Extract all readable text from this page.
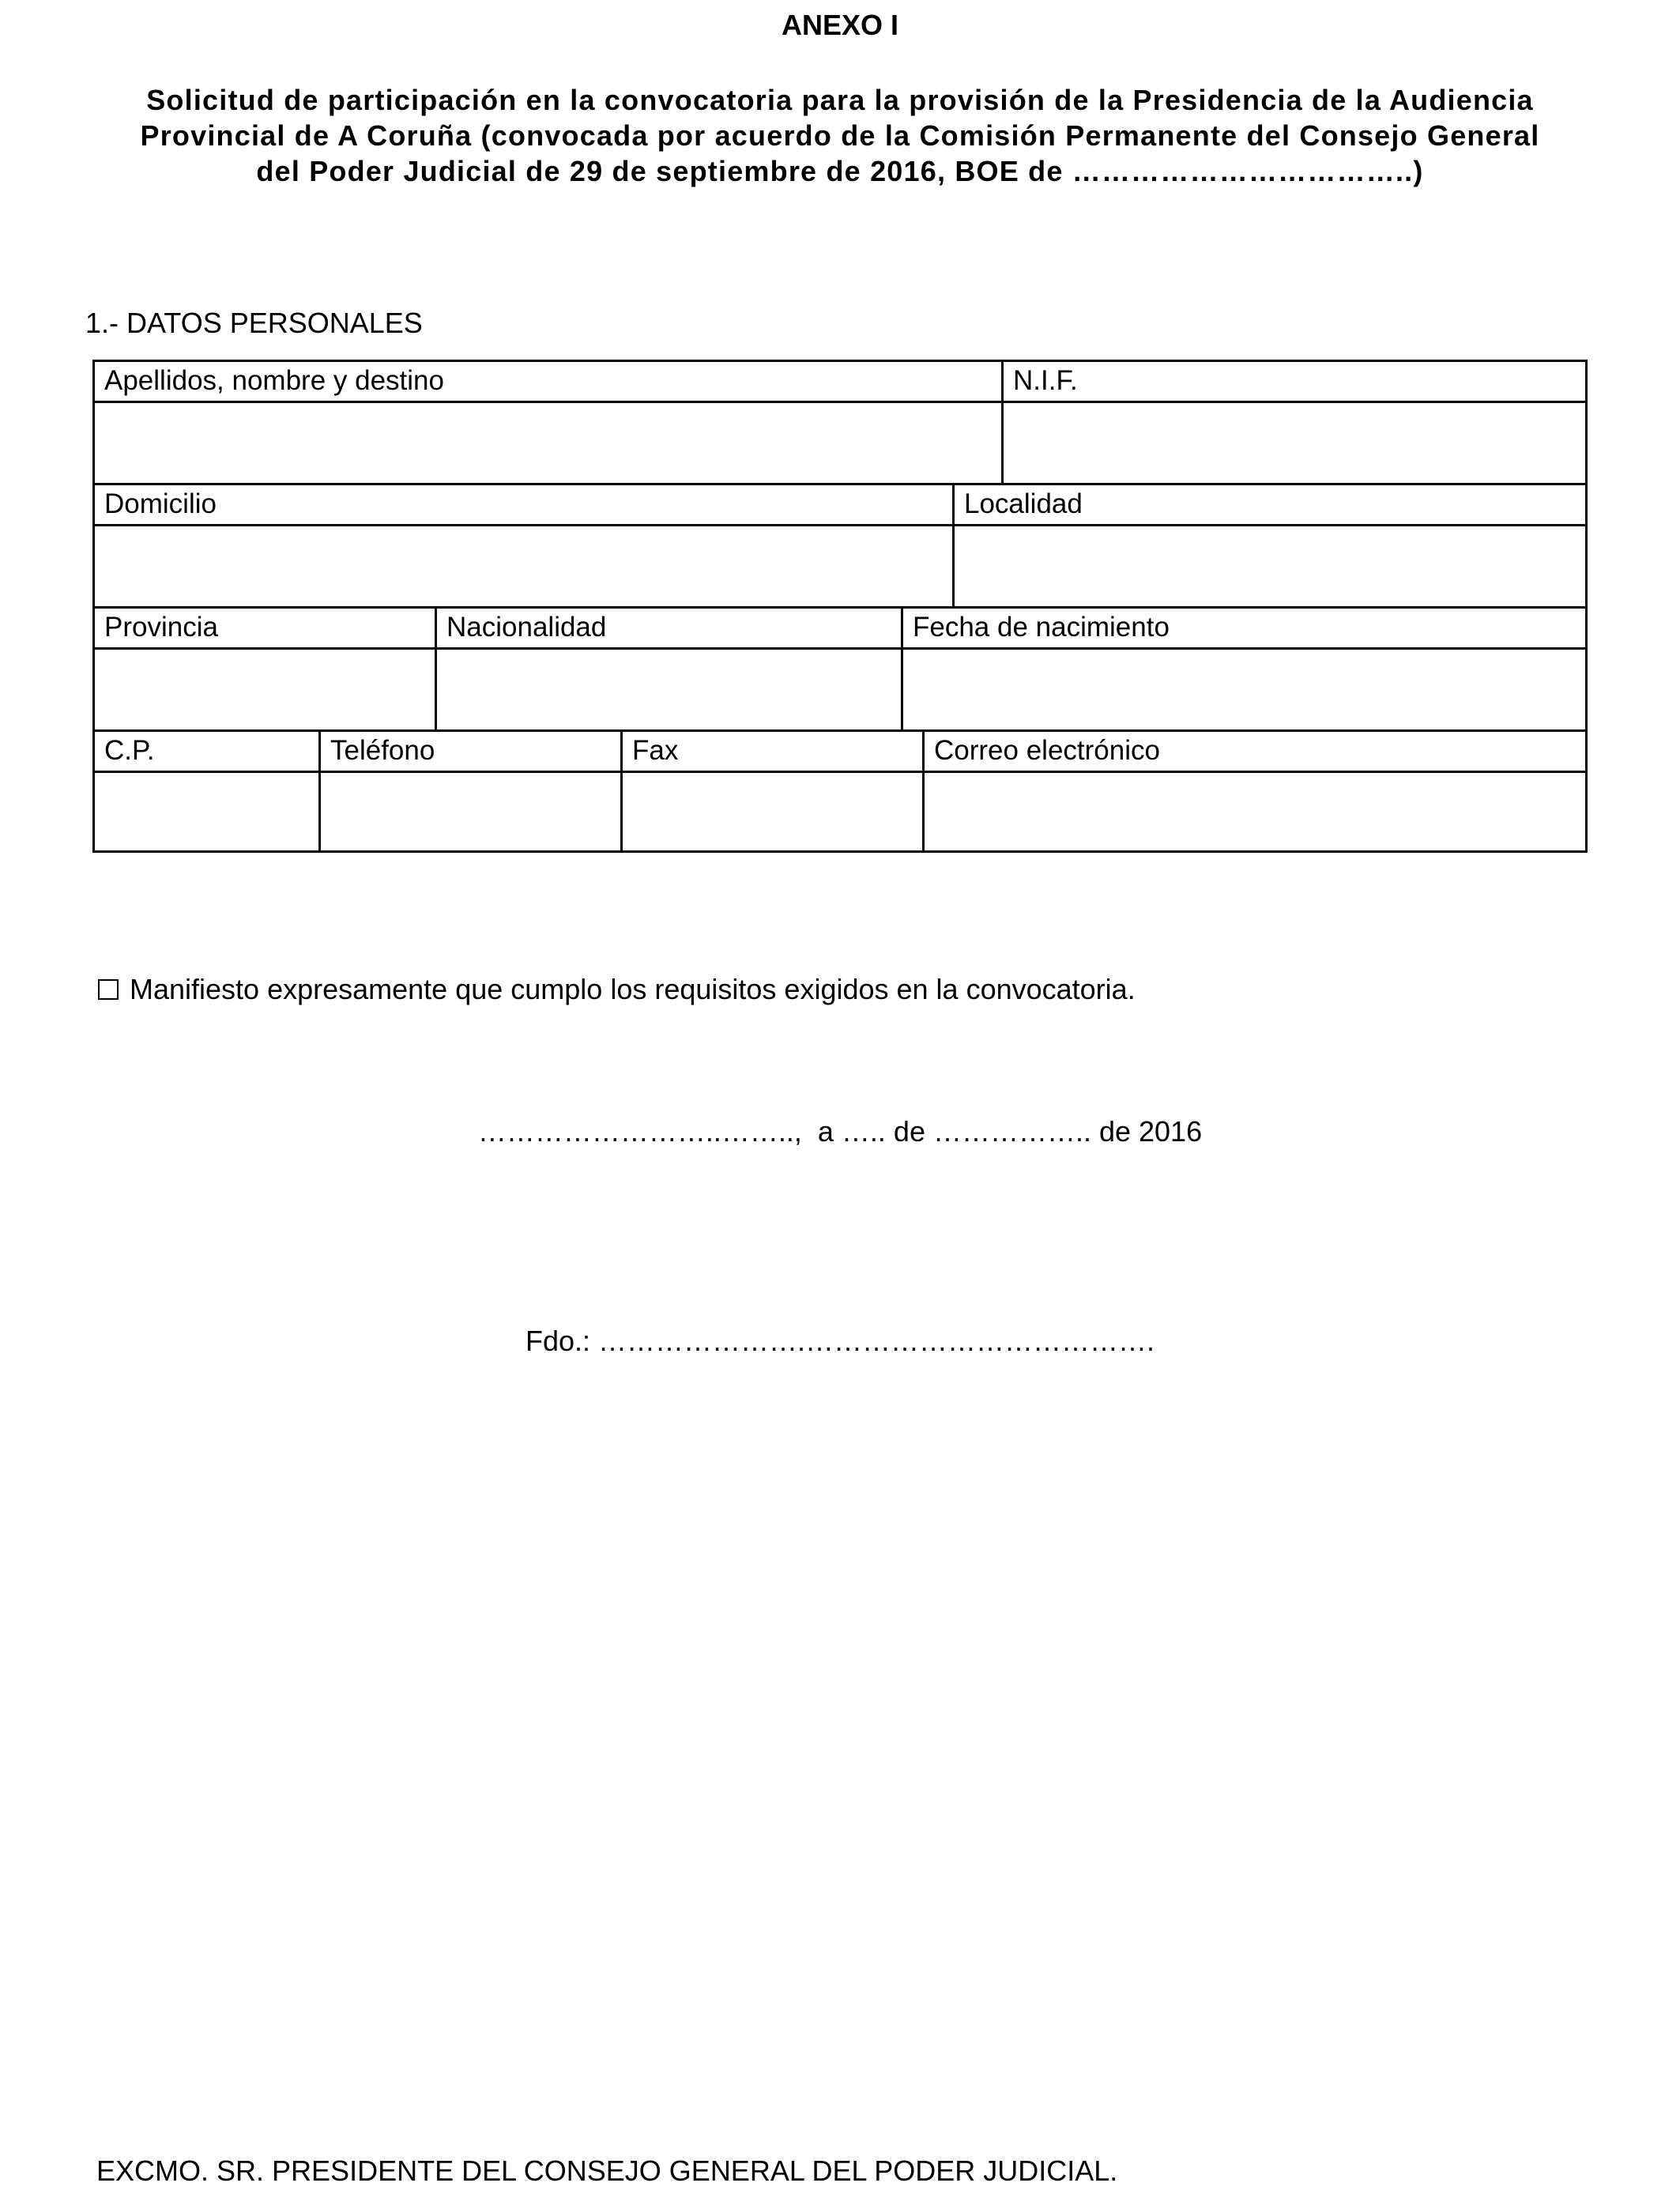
ANEXO I
Solicitud de participación en la convocatoria para la provisión de la Presidencia de la Audiencia
Provincial de A Coruña (convocada por acuerdo de la Comisión Permanente del Consejo General
del Poder Judicial de 29 de septiembre de 2016, BOE de ……………………………..)
1.- DATOS PERSONALES
Apellidos, nombre y destino	N.I.F.
Domicilio	Localidad
Provincia	Nacionalidad	Fecha de nacimiento
C.P.	Teléfono	Fax	Correo electrónico
Manifiesto expresamente que cumplo los requisitos exigidos en la convocatoria.
……………………..……..,  a ….. de …………….. de 2016
Fdo.: ………………….……………………………….
EXCMO. SR. PRESIDENTE DEL CONSEJO GENERAL DEL PODER JUDICIAL.
